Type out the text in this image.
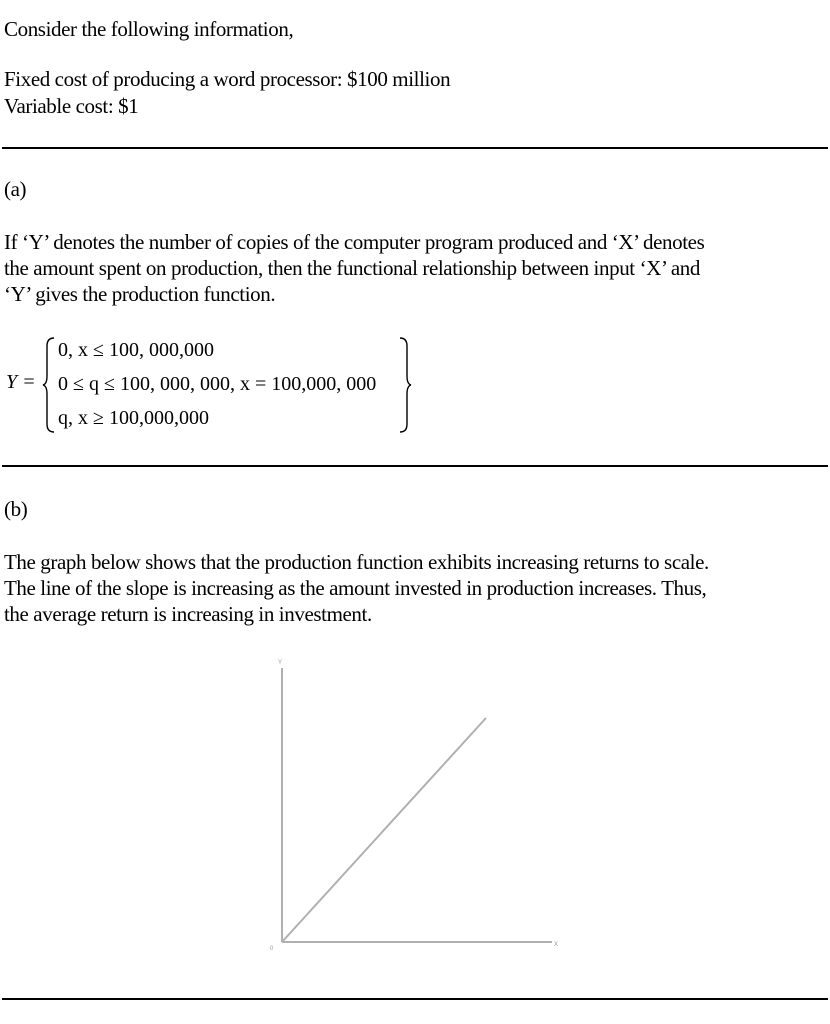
Consider the following information,
Fixed cost of producing a word processor: $100 million
Variable cost: $1
(a)
If ‘Y’ denotes the number of copies of the computer program produced and ‘X’ denotes
the amount spent on production, then the functional relationship between input ‘X’ and
‘Y’ gives the production function.
Y =
0, x ≤ 100, 000,000
0 ≤ q ≤ 100, 000, 000, x = 100,000, 000
q, x ≥ 100,000,000
(b)
The graph below shows that the production function exhibits increasing returns to scale.
The line of the slope is increasing as the amount invested in production increases. Thus,
the average return is increasing in investment.
Y
X
0
